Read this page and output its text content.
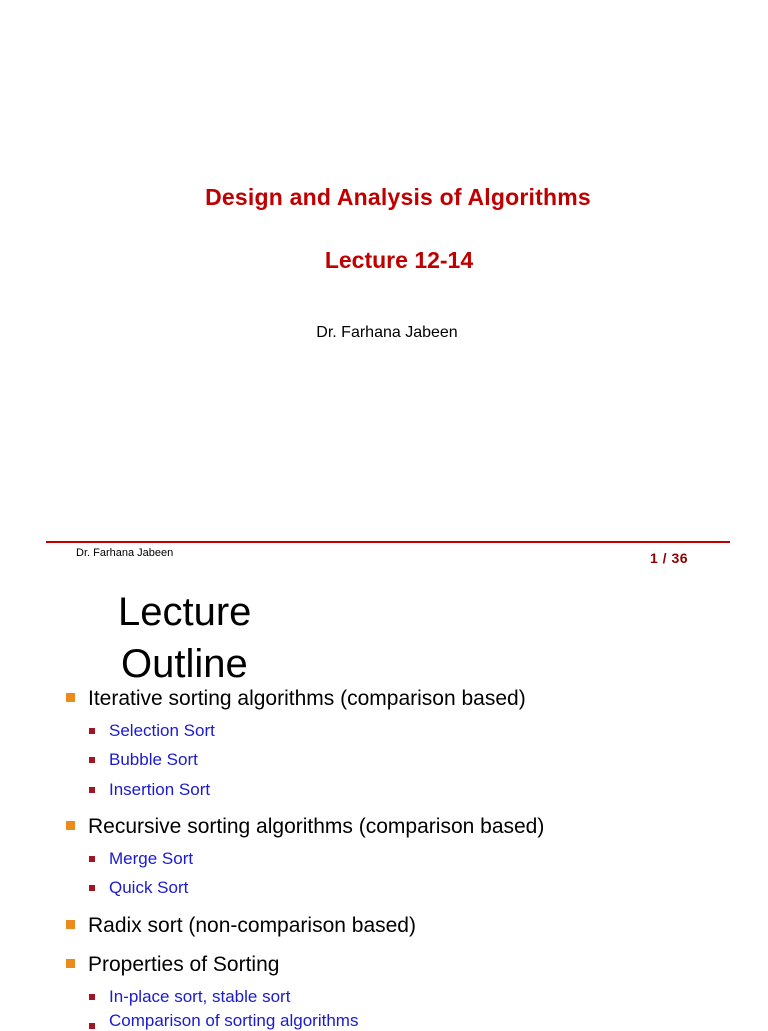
Design and Analysis of Algorithms
Lecture 12-14
Dr. Farhana Jabeen
Dr. Farhana Jabeen	1 / 36
Lecture
Outline
Iterative sorting algorithms (comparison based)
Selection Sort
Bubble Sort
Insertion Sort
Recursive sorting algorithms (comparison based)
Merge Sort
Quick Sort
Radix sort (non-comparison based)
Properties of Sorting
In-place sort, stable sort
Comparison of sorting algorithms
